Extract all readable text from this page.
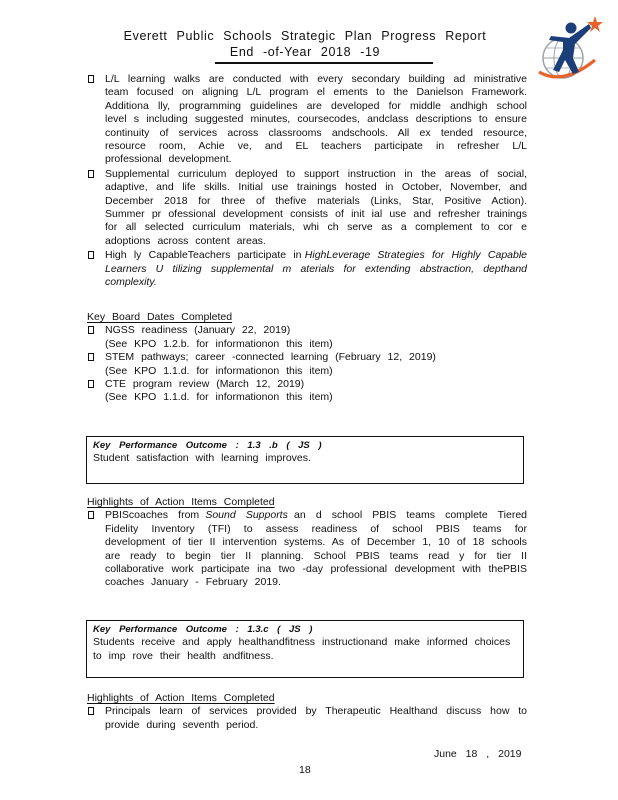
Everett Public Schools Strategic Plan Progress Report
End -of-Year 2018 -19
L/L learning walks are conducted with every secondary building ad ministrative team focused on aligning L/L program el ements to the Danielson Framework. Additiona lly, programming guidelines are developed for middle andhigh school level s including suggested minutes, coursecodes, andclass descriptions to ensure continuity of services across classrooms andschools. All ex tended resource, resource room, Achie ve, and EL teachers participate in refresher L/L professional development.
Supplemental curriculum deployed to support instruction in the areas of social, adaptive, and life skills. Initial use trainings hosted in October, November, and December 2018 for three of thefive materials (Links, Star, Positive Action). Summer pr ofessional development consists of init ial use and refresher trainings for all selected curriculum materials, whi ch serve as a complement to cor e adoptions across content areas.
High ly CapableTeachers participate in HighLeverage Strategies for Highly Capable Learners U tilizing supplemental m aterials for extending abstraction, depthand complexity.
Key Board Dates Completed
NGSS readiness (January 22, 2019)
(See KPO 1.2.b. for informationon this item)
STEM pathways; career -connected learning (February 12, 2019)
(See KPO 1.1.d. for informationon this item)
CTE program review (March 12, 2019)
(See KPO 1.1.d. for informationon this item)
Key Performance Outcome : 1.3 .b ( JS )
Student satisfaction with learning improves.
Highlights of Action Items Completed
PBIScoaches from Sound Supports an d school PBIS teams complete Tiered Fidelity Inventory (TFI) to assess readiness of school PBIS teams for development of tier II intervention systems. As of December 1, 10 of 18 schools are ready to begin tier II planning. School PBIS teams read y for tier II collaborative work participate ina two -day professional development with thePBIS coaches January - February 2019.
Key Performance Outcome : 1.3.c ( JS )
Students receive and apply healthandfitness instructionand make informed choices to imp rove their health andfitness.
Highlights of Action Items Completed
Principals learn of services provided by Therapeutic Healthand discuss how to provide during seventh period.
June 18 , 2019
18
